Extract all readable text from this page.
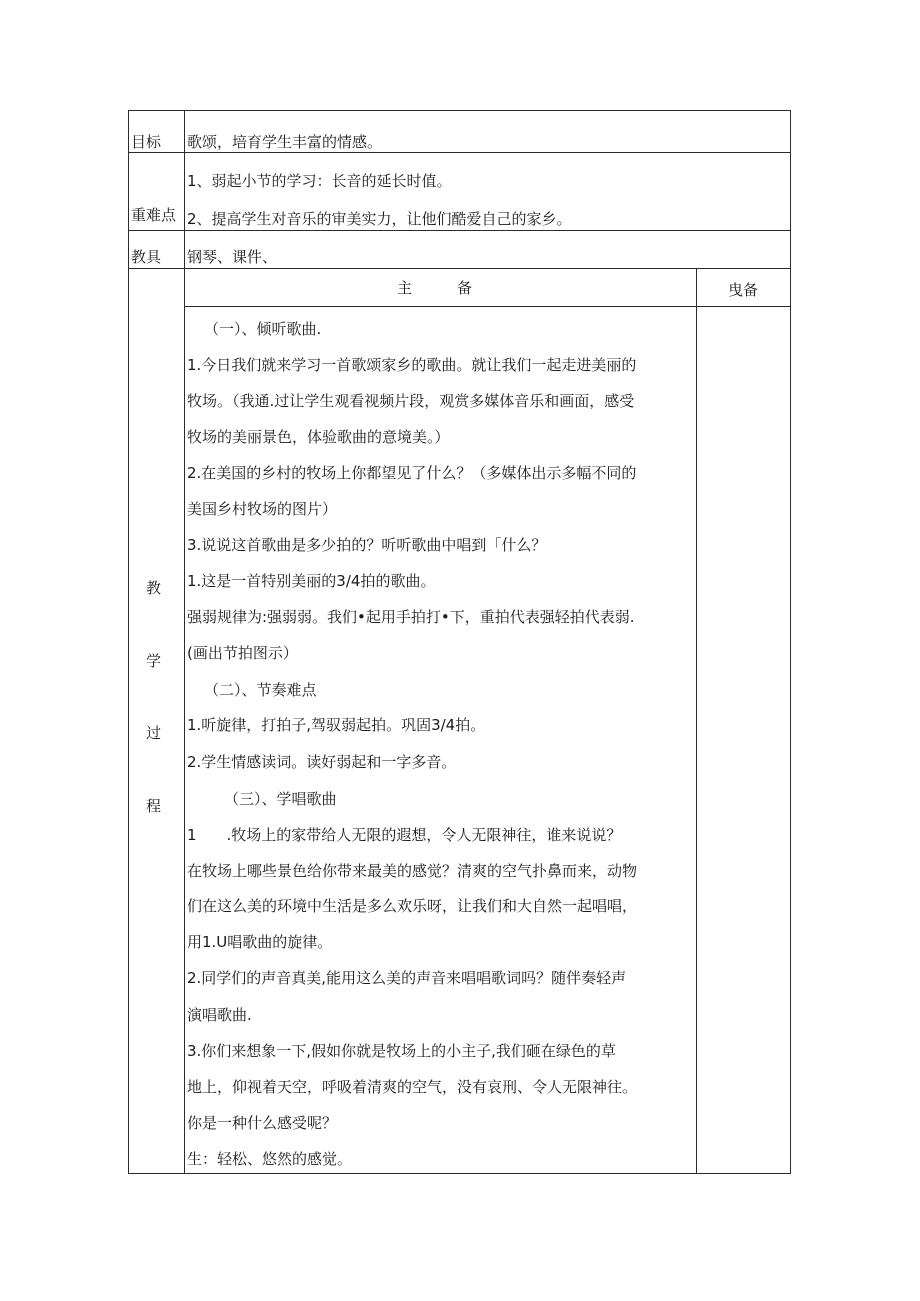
目标 歌颂，培育学生丰富的情感。
重难点
1、弱起小节的学习：长音的延长时值。
2、提高学生对音乐的审美实力，让他们酷爱自己的家乡。
教具 钢琴、课件、
主　　　备	曳备
教
学
过
程
（一）、倾听歌曲.
1.今日我们就来学习一首歌颂家乡的歌曲。就让我们一起走进美丽的
牧场。（我通.过让学生观看视频片段，观赏多媒体音乐和画面，感受
牧场的美丽景色，体验歌曲的意境美。）
2.在美国的乡村的牧场上你都望见了什么？（多媒体出示多幅不同的
美国乡村牧场的图片）
3.说说这首歌曲是多少拍的？听听歌曲中唱到「什么？
1.这是一首特别美丽的3/4拍的歌曲。
强弱规律为:强弱弱。我们•起用手拍打•下，重拍代表强轻拍代表弱.
(画出节拍图示）
（二）、节奏难点
1.听旋律，打拍子,驾驭弱起拍。巩固3/4拍。
2.学生情感读词。读好弱起和一字多音。
（三）、学唱歌曲
1　　.牧场上的家带给人无限的遐想，令人无限神往，谁来说说？
在牧场上哪些景色给你带来最美的感觉？清爽的空气扑鼻而来，动物
们在这么美的环境中生活是多么欢乐呀，让我们和大自然一起唱唱，
用1.U唱歌曲的旋律。
2.同学们的声音真美,能用这么美的声音来唱唱歌词吗？随伴奏轻声
演唱歌曲.
3.你们来想象一下,假如你就是牧场上的小主子,我们砸在绿色的草
地上，仰视着天空，呼吸着清爽的空气，没有哀刑、令人无限神往。
你是一种什么感受呢？
生：轻松、悠然的感觉。
